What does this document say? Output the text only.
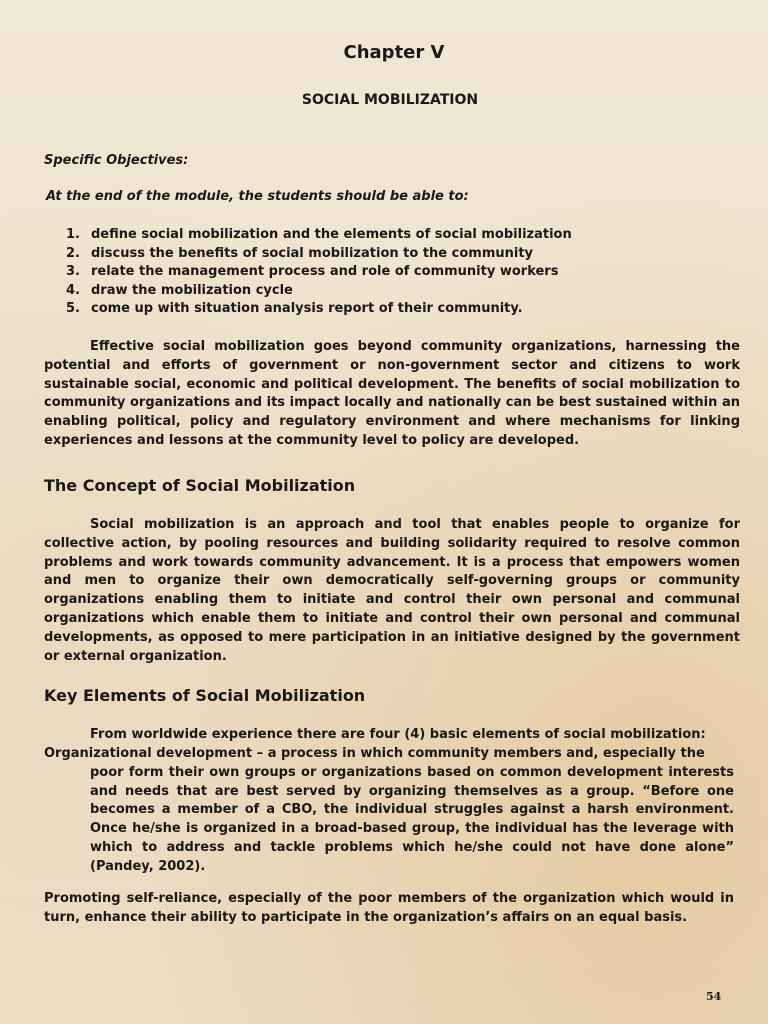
Chapter V
SOCIAL MOBILIZATION
Specific Objectives:
At the end of the module, the students should be able to:
1. define social mobilization and the elements of social mobilization
2. discuss the benefits of social mobilization to the community
3. relate the management process and role of community workers
4. draw the mobilization cycle
5. come up with situation analysis report of their community.
Effective social mobilization goes beyond community organizations, harnessing the potential and efforts of government or non-government sector and citizens to work sustainable social, economic and political development. The benefits of social mobilization to community organizations and its impact locally and nationally can be best sustained within an enabling political, policy and regulatory environment and where mechanisms for linking experiences and lessons at the community level to policy are developed.
The Concept of Social Mobilization
Social mobilization is an approach and tool that enables people to organize for collective action, by pooling resources and building solidarity required to resolve common problems and work towards community advancement. It is a process that empowers women and men to organize their own democratically self-governing groups or community organizations enabling them to initiate and control their own personal and communal organizations which enable them to initiate and control their own personal and communal developments, as opposed to mere participation in an initiative designed by the government or external organization.
Key Elements of Social Mobilization
From worldwide experience there are four (4) basic elements of social mobilization:
Organizational development – a process in which community members and, especially the
poor form their own groups or organizations based on common development interests and needs that are best served by organizing themselves as a group. “Before one becomes a member of a CBO, the individual struggles against a harsh environment. Once he/she is organized in a broad-based group, the individual has the leverage with which to address and tackle problems which he/she could not have done alone” (Pandey, 2002).
Promoting self-reliance, especially of the poor members of the organization which would in turn, enhance their ability to participate in the organization’s affairs on an equal basis.
54
